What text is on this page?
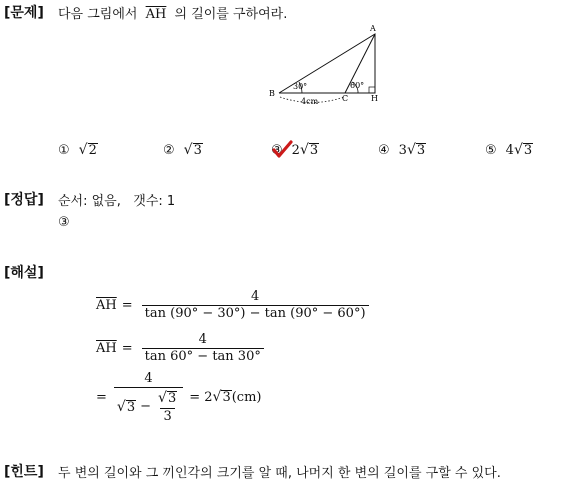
[문제] 다음 그림에서 $\overline{AH}$ 의 길이를 구하여라.
A
B
C	H
30°	60°
4cm
① √ 2	② √ 3	③ 2 √ 3	④ 3 √ 3	⑤ 4 √ 3
[정답] 순서: 없음,   갯수: 1
③
[해설]
$\overline{AH} = \frac{4}{\tan (90^\circ - 30^\circ) - \tan (90^\circ - 60^\circ)}$
$\overline{AH} = \frac{4}{\tan 60^\circ - \tan 30^\circ}$
= $\frac{4}{√ 3 - \frac{√ 3}{3}} = 2$ √ 3 (cm)
[힌트] 두 변의 길이와 그 끼인각의 크기를 알 때, 나머지 한 변의 길이를 구할 수 있다.
